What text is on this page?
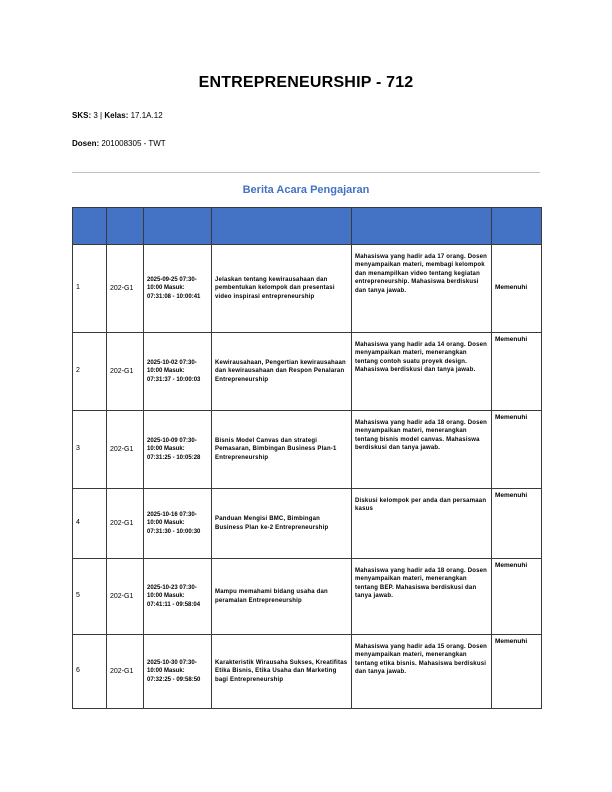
ENTREPRENEURSHIP - 712
SKS: 3 | Kelas: 17.1A.12
Dosen: 201008305 - TWT
Berita Acara Pengajaran

1	202-G1	2025-09-25 07:30-10:00 Masuk: 07:31:08 - 10:00:41	Jelaskan tentang kewirausahaan dan pembentukan kelompok dan presentasi video inspirasi entrepreneurship	Mahasiswa yang hadir ada 17 orang. Dosen menyampaikan materi, membagi kelompok dan menampilkan video tentang kegiatan entrepreneurship. Mahasiswa berdiskusi dan tanya jawab.	Memenuhi
2	202-G1	2025-10-02 07:30-10:00 Masuk: 07:31:37 - 10:00:03	Kewirausahaan, Pengertian kewirausahaan dan kewirausahaan dan Respon Penalaran Entrepreneurship	Mahasiswa yang hadir ada 14 orang. Dosen menyampaikan materi, menerangkan tentang contoh suatu proyek design. Mahasiswa berdiskusi dan tanya jawab.	Memenuhi
3	202-G1	2025-10-09 07:30-10:00 Masuk: 07:31:25 - 10:05:28	Bisnis Model Canvas dan strategi Pemasaran, Bimbingan Business Plan-1 Entrepreneurship	Mahasiswa yang hadir ada 18 orang. Dosen menyampaikan materi, menerangkan tentang bisnis model canvas. Mahasiswa berdiskusi dan tanya jawab.	Memenuhi
4	202-G1	2025-10-16 07:30-10:00 Masuk: 07:31:30 - 10:00:30	Panduan Mengisi BMC, Bimbingan Business Plan ke-2 Entrepreneurship	Diskusi kelompok per anda dan persamaan kasus	Memenuhi
5	202-G1	2025-10-23 07:30-10:00 Masuk: 07:41:11 - 09:58:04	Mampu memahami bidang usaha dan peramalan Entrepreneurship	Mahasiswa yang hadir ada 18 orang. Dosen menyampaikan materi, menerangkan tentang BEP. Mahasiswa berdiskusi dan tanya jawab.	Memenuhi
6	202-G1	2025-10-30 07:30-10:00 Masuk: 07:32:25 - 09:58:50	Karakteristik Wirausaha Sukses, Kreatifitas Etika Bisnis, Etika Usaha dan Marketing bagi Entrepreneurship	Mahasiswa yang hadir ada 15 orang. Dosen menyampaikan materi, menerangkan tentang etika bisnis. Mahasiswa berdiskusi dan tanya jawab.	Memenuhi
